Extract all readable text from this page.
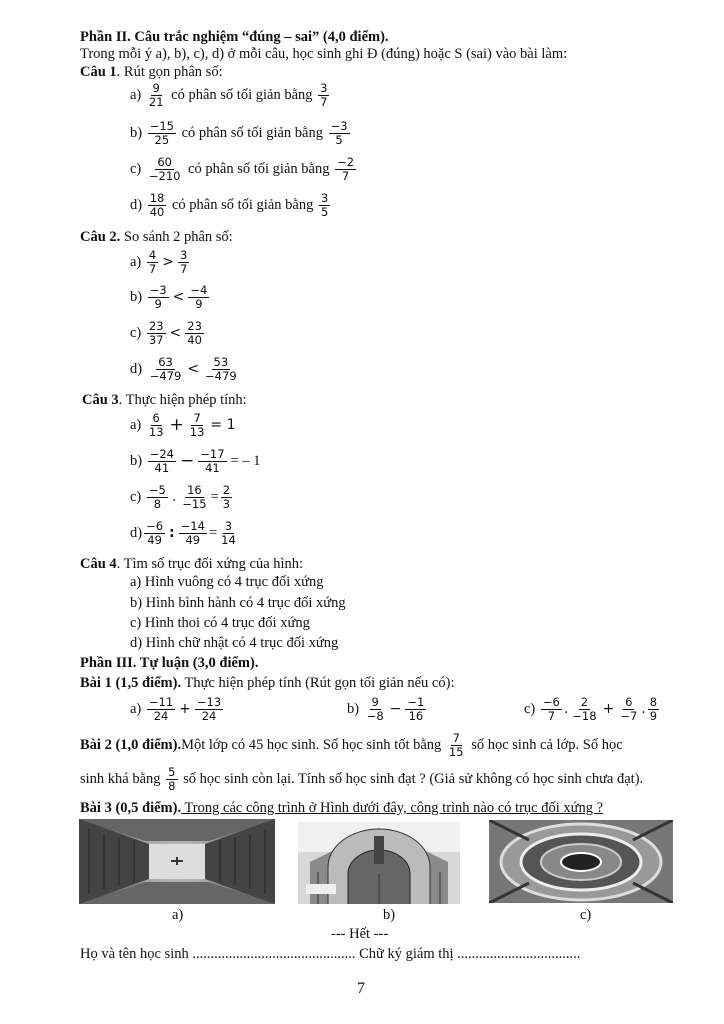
Phần II. Câu trắc nghiệm “đúng – sai” (4,0 điểm).
Trong mỗi ý a), b), c), d) ở mỗi câu, học sinh ghi Đ (đúng) hoặc S (sai) vào bài làm:
Câu 1. Rút gọn phân số:
$a) \frac{9}{21}$ có phân số tối giản bằng $\frac{3}{7}$
$b) \frac{-15}{25}$ có phân số tối giản bằng $\frac{-3}{5}$
$c) \frac{60}{-210}$ có phân số tối giản bằng $\frac{-2}{7}$
$d) \frac{18}{40}$ có phân số tối giản bằng $\frac{3}{5}$
Câu 2. So sánh 2 phân số:
$a) \frac{4}{7} > \frac{3}{7}$
$b) \frac{-3}{9} < \frac{-4}{9}$
$c) \frac{23}{37} < \frac{23}{40}$
$d) \frac{63}{-479} < \frac{53}{-479}$
Câu 3. Thực hiện phép tính:
$a) \frac{6}{13} + \frac{7}{13} = 1$
$b) \frac{-24}{41} - \frac{-17}{41}$ = – 1
$c) \frac{-5}{8}$ . $\frac{16}{-15} = \frac{2}{3}$
$d) \frac{-6}{49}$ : $\frac{-14}{49} = \frac{3}{14}$
Câu 4. Tìm số trục đối xứng của hình:
a) Hình vuông có 4 trục đối xứng
b) Hình bình hành có 4 trục đối xứng
c) Hình thoi có 4 trục đối xứng
d) Hình chữ nhật có 4 trục đối xứng
Phần III. Tự luận (3,0 điểm).
Bài 1 (1,5 điểm). Thực hiện phép tính (Rút gọn tối giản nếu có):
$a) \frac{-11}{24} + \frac{-13}{24}$	$b) \frac{9}{-8} - \frac{-1}{16}$	$c) \frac{-6}{7}$ . $\frac{2}{-18} + \frac{6}{-7}$ . $\frac{8}{9}$
Bài 2 (1,0 điểm).Một lớp có 45 học sinh. Số học sinh tốt bằng $\frac{7}{15}$ số học sinh cả lớp. Số học
sinh khá bằng $\frac{5}{8}$ số học sinh còn lại. Tính số học sinh đạt ? (Giả sử không có học sinh chưa đạt).
Bài 3 (0,5 điểm). Trong các công trình ở Hình dưới đây, công trình nào có trục đối xứng ?
a)	b)	c)
--- Hết ---
Họ và tên học sinh ............................................. Chữ ký giám thị ..................................
7
